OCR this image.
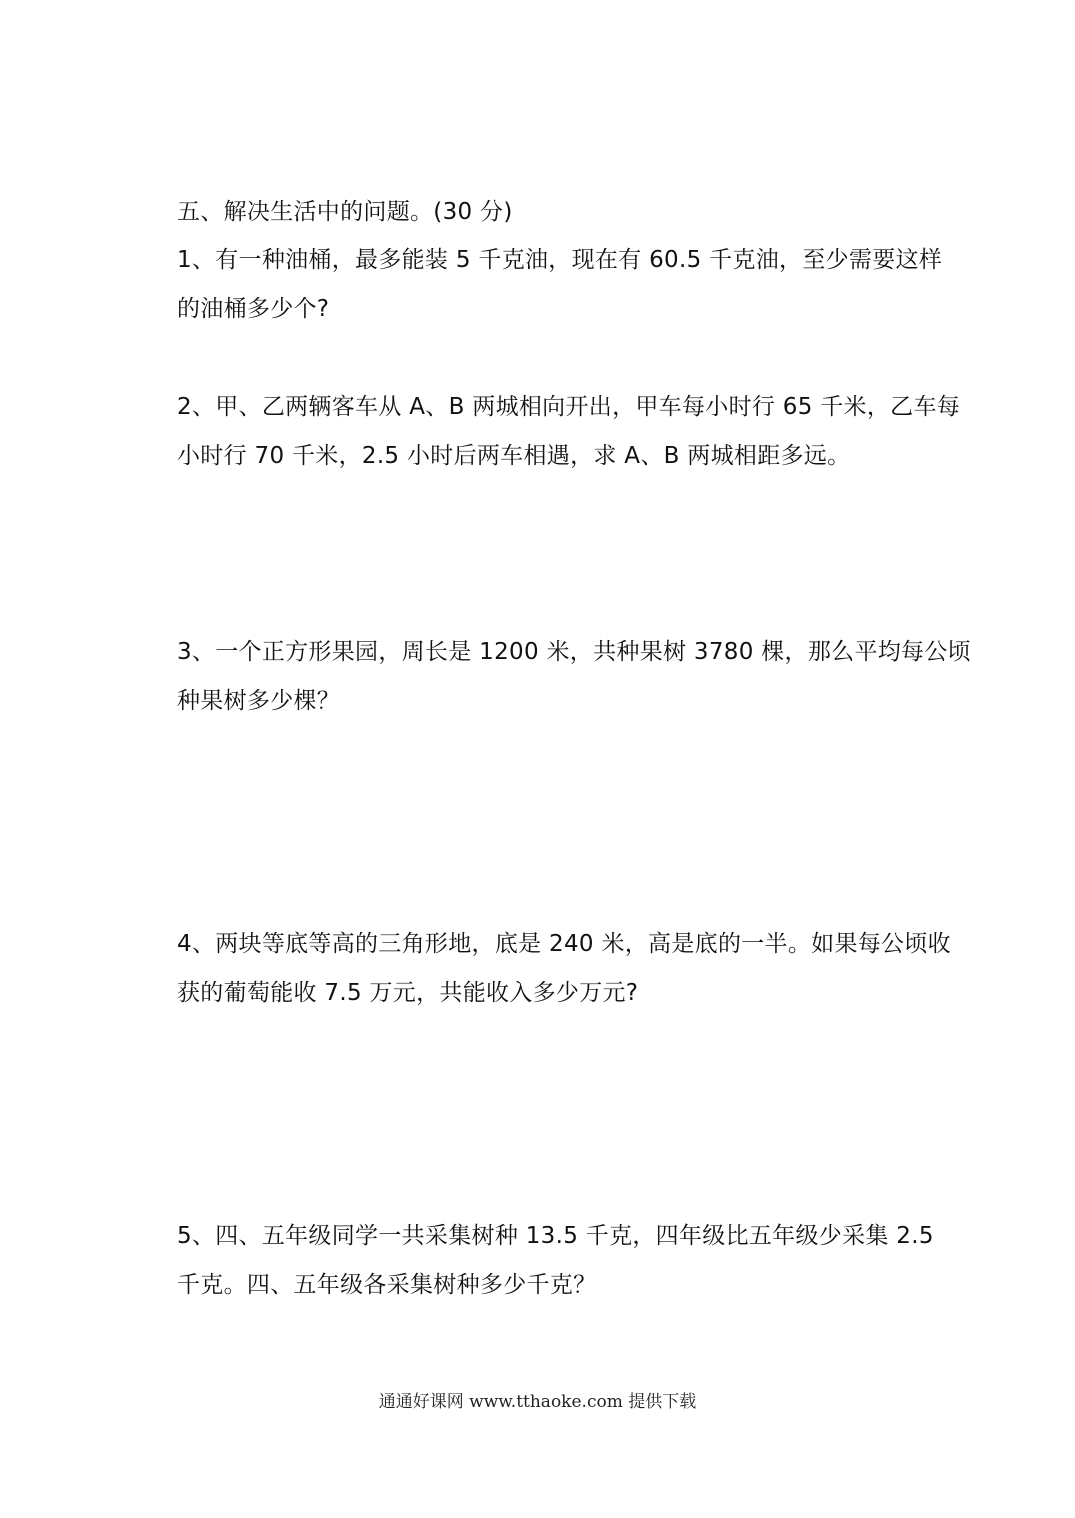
五、解决生活中的问题。(30 分)
1、有一种油桶，最多能装 5 千克油，现在有 60.5 千克油，至少需要这样
的油桶多少个?
2、甲、乙两辆客车从 A、B 两城相向开出，甲车每小时行 65 千米，乙车每
小时行 70 千米，2.5 小时后两车相遇，求 A、B 两城相距多远。
3、一个正方形果园，周长是 1200 米，共种果树 3780 棵，那么平均每公顷
种果树多少棵？
4、两块等底等高的三角形地，底是 240 米，高是底的一半。如果每公顷收
获的葡萄能收 7.5 万元，共能收入多少万元?
5、四、五年级同学一共采集树种 13.5 千克，四年级比五年级少采集 2.5
千克。四、五年级各采集树种多少千克？
通通好课网 www.tthaoke.com 提供下载
